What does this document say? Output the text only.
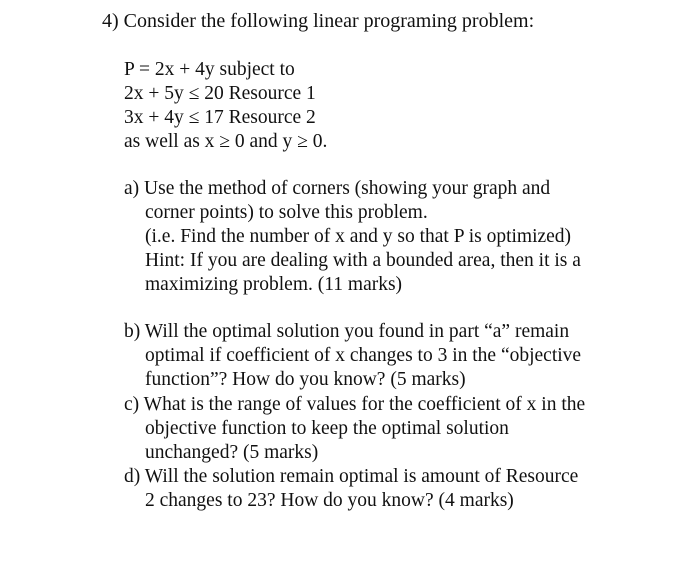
4) Consider the following linear programing problem:
P = 2x + 4y subject to
2x + 5y ≤ 20 Resource 1
3x + 4y ≤ 17 Resource 2
as well as x ≥ 0 and y ≥ 0.
a) Use the method of corners (showing your graph and
corner points) to solve this problem.
(i.e. Find the number of x and y so that P is optimized)
Hint: If you are dealing with a bounded area, then it is a
maximizing problem. (11 marks)
b) Will the optimal solution you found in part “a” remain
optimal if coefficient of x changes to 3 in the “objective
function”? How do you know? (5 marks)
c) What is the range of values for the coefficient of x in the
objective function to keep the optimal solution
unchanged? (5 marks)
d) Will the solution remain optimal is amount of Resource
2 changes to 23? How do you know? (4 marks)
